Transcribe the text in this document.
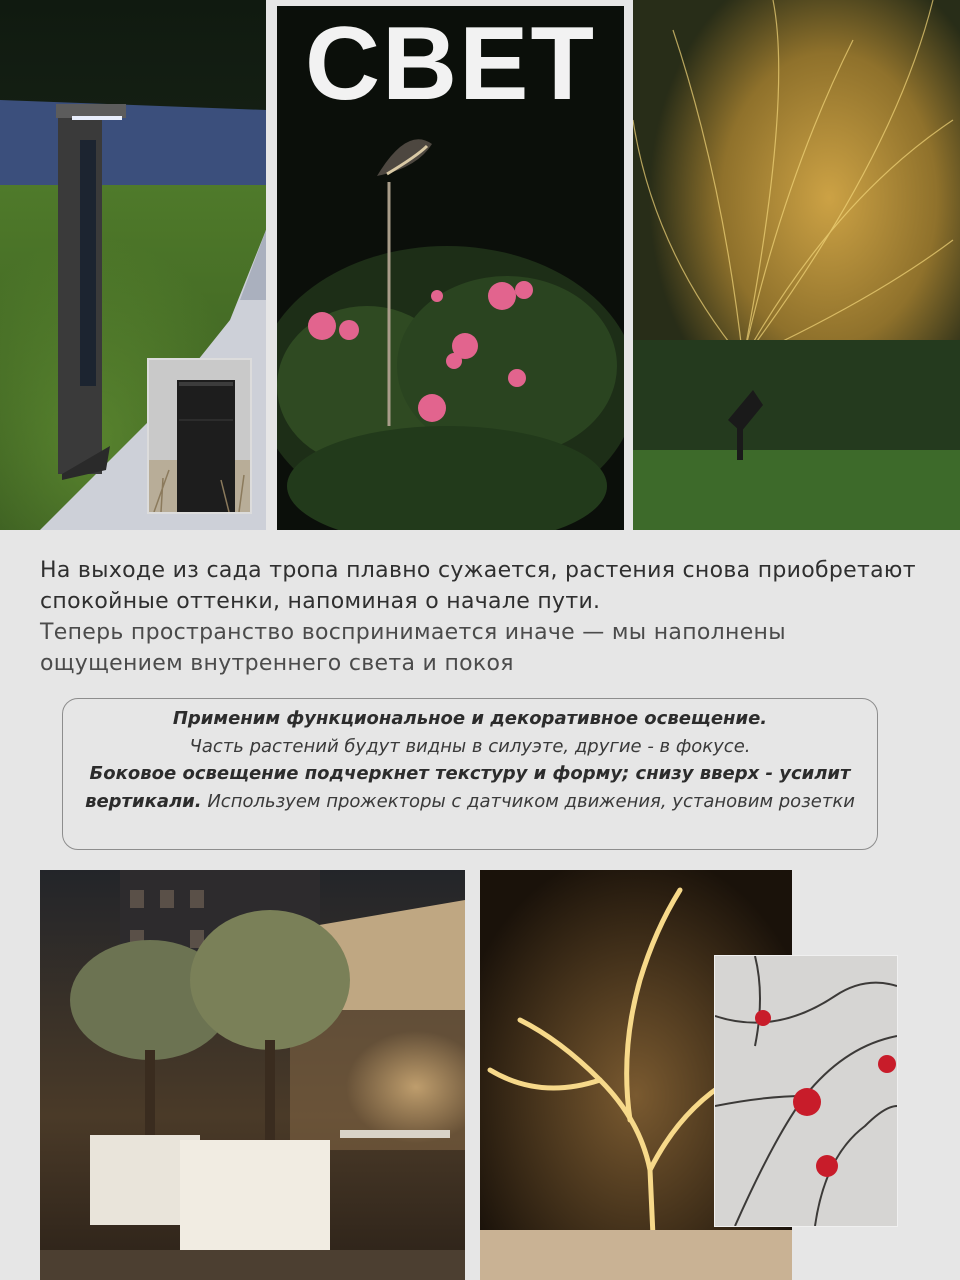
СВЕТ
На выходе из сада тропа плавно сужается, растения снова приобретают спокойные оттенки, напоминая о начале пути.
Теперь пространство воспринимается иначе — мы наполнены ощущением внутреннего света и покоя
Применим функциональное и декоративное освещение.
Часть растений будут видны в силуэте, другие - в фокусе.
Боковое освещение подчеркнет текстуру и форму; снизу вверх - усилит вертикали. Используем прожекторы с датчиком движения, установим розетки
